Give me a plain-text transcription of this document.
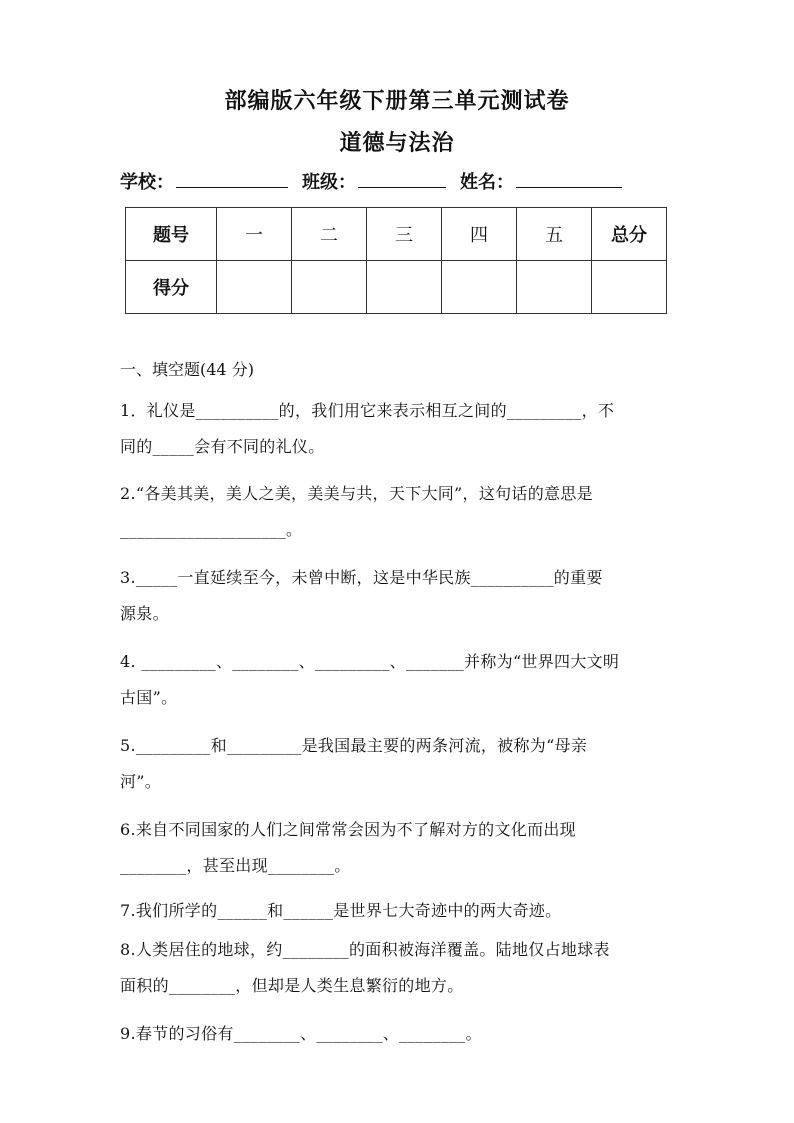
部编版六年级下册第三单元测试卷
道德与法治
学校：	班级：	姓名：
题号	一	二	三	四	五	总分
得分						
一、填空题(44 分)
1．礼仪是__________的，我们用它来表示相互之间的_________，不
同的_____会有不同的礼仪。
2.“各美其美，美人之美，美美与共，天下大同”，这句话的意思是
____________________。
3._____一直延续至今，未曾中断，这是中华民族__________的重要
源泉。
4. _________、________、_________、_______并称为“世界四大文明
古国”。
5._________和_________是我国最主要的两条河流，被称为“母亲
河”。
6.来自不同国家的人们之间常常会因为不了解对方的文化而出现
________，甚至出现________。
7.我们所学的______和______是世界七大奇迹中的两大奇迹。
8.人类居住的地球，约________的面积被海洋覆盖。陆地仅占地球表
面积的________，但却是人类生息繁衍的地方。
9.春节的习俗有________、________、________。
